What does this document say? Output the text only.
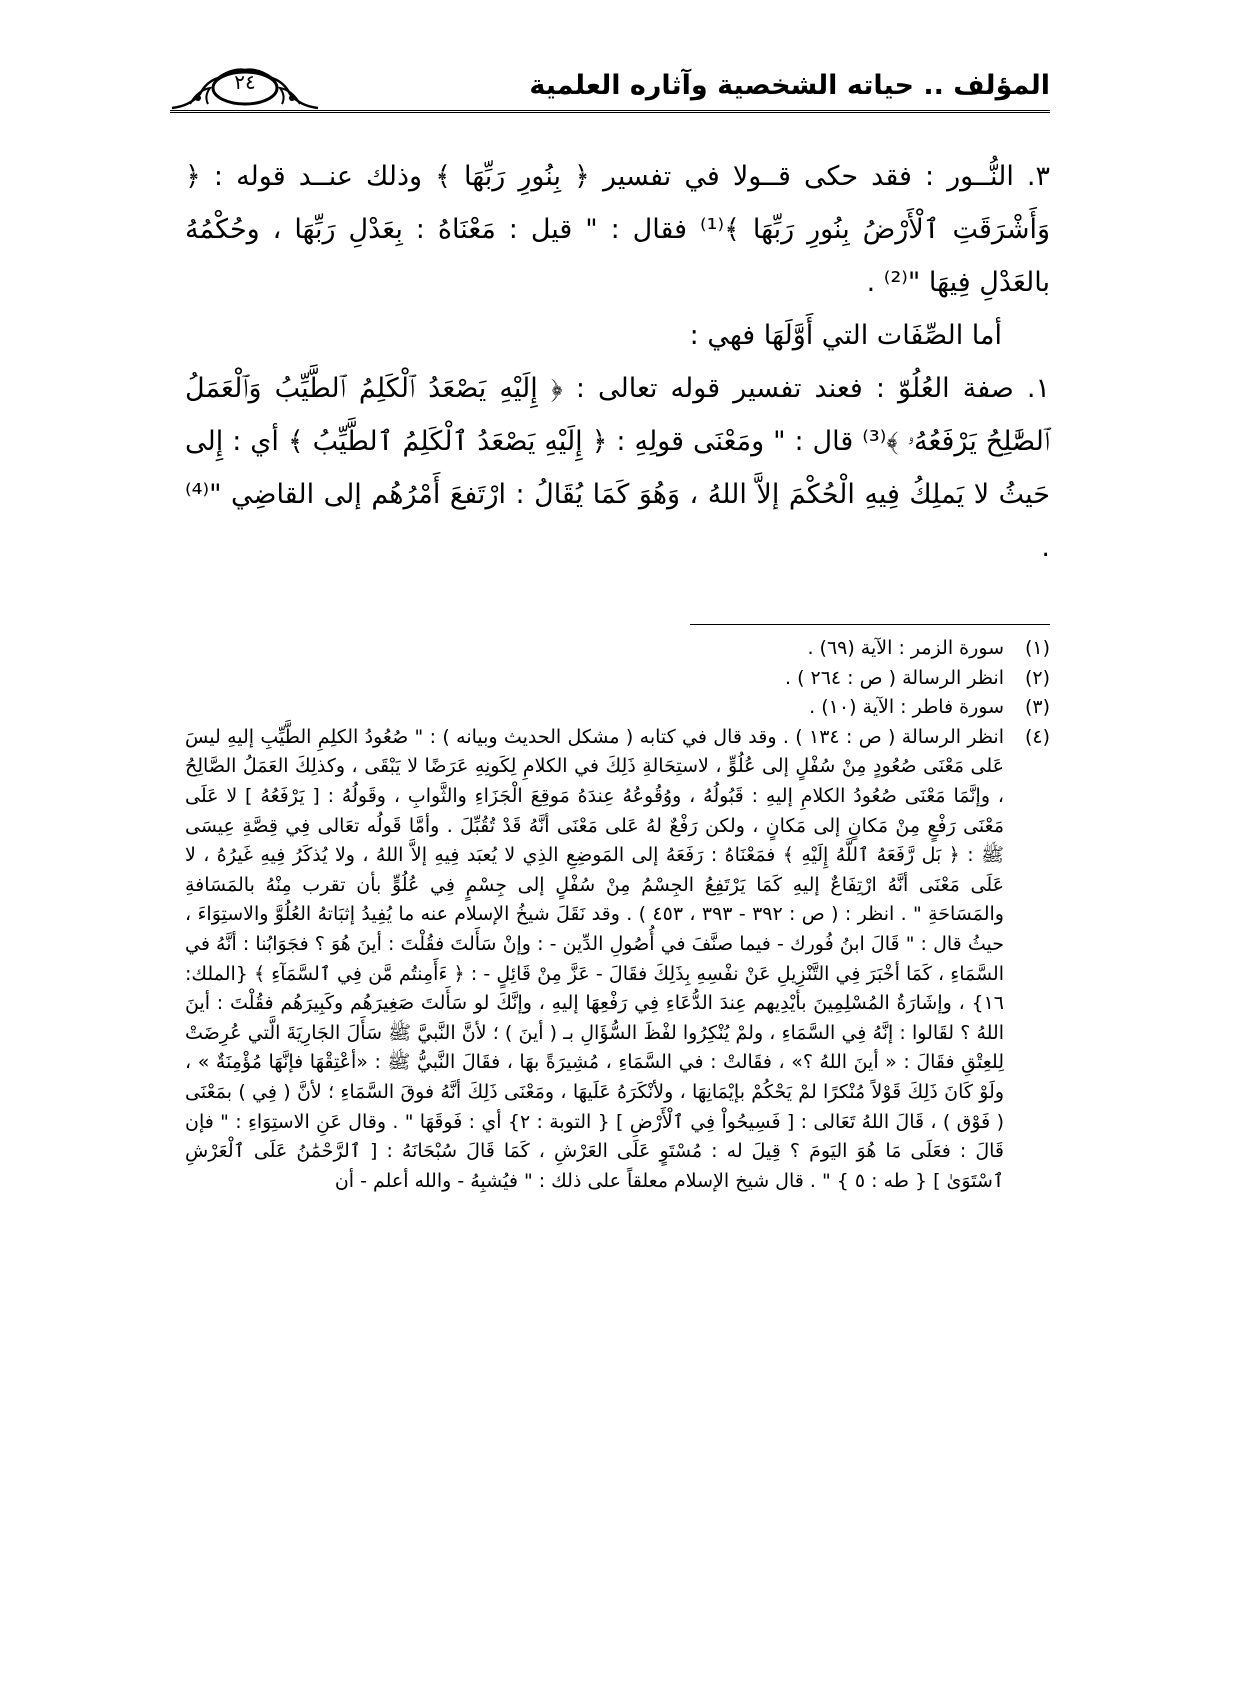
المؤلف .. حياته الشخصية وآثاره العلمية
٢٤

٣. النُّــور : فقد حكى قــولا في تفسير ﴿ بِنُورِ رَبِّهَا ﴾ وذلك عنــد قوله : ﴿ وَأَشْرَقَتِ ٱلْأَرْضُ بِنُورِ رَبِّهَا ﴾⁽¹⁾ فقال : " قيل : مَعْنَاهُ : بِعَدْلِ رَبِّهَا ، وحُكْمُهُ بالعَدْلِ فِيهَا "⁽²⁾ .

أما الصِّفَات التي أَوَّلَهَا فهي :

١. صفة العُلُوّ : فعند تفسير قوله تعالى : ﴿ إِلَيْهِ يَصْعَدُ ٱلْكَلِمُ ٱلطَّيِّبُ وَٱلْعَمَلُ ٱلصَّٰلِحُ يَرْفَعُهُۥ ﴾⁽³⁾ قال : " ومَعْنَى قولِهِ : ﴿ إِلَيْهِ يَصْعَدُ ٱلْكَلِمُ ٱلطَّيِّبُ ﴾ أي : إِلى حَيثُ لا يَملِكُ فِيهِ الْحُكْمَ إلاَّ اللهُ ، وَهُوَ كَمَا يُقَالُ : ارْتَفعَ أَمْرُهُم إلى القاضِي "⁽⁴⁾ .

(١)
سورة الزمر : الآية (٦٩) .
(٢)
انظر الرسالة ( ص : ٢٦٤ ) .
(٣)
سورة فاطر : الآية (١٠) .
(٤)
انظر الرسالة ( ص : ١٣٤ ) . وقد قال في كتابه ( مشكل الحديث وبيانه ) : " صُعُودُ الكلِمِ الطَّيِّبِ إليهِ ليسَ عَلى مَعْنَى صُعُودٍ مِنْ سُفْلٍ إلى عُلُوٍّ ، لاستِحَالةِ ذَلِكَ في الكلامِ لِكَونِهِ عَرَضًا لا يَبْقَى ، وكذلِكَ العَمَلُ الصَّالِحُ ، وإنَّمَا مَعْنَى صُعُودُ الكلامِ إليهِ : قَبُولُهُ ، ووُقُوعُهُ عِندَهُ مَوقِعَ الْجَزَاءِ والثَّوابِ ، وقَولُهُ : [ يَرْفَعُهُ ] لا عَلَى مَعْنَى رَفْعٍ مِنْ مَكانٍ إلى مَكانٍ ، ولكن رَفْعٌ لهُ عَلى مَعْنَى أنَّهُ قَدْ تُقُبِّلَ . وأمَّا قَولُه تعَالى فِي قِصَّةِ عِيسَى ﷺ : ﴿ بَل رَّفَعَهُ ٱللَّهُ إِلَيْهِ ﴾ فمَعْنَاهُ : رَفَعَهُ إلى المَوضِعِ الذِي لا يُعبَد فِيهِ إلاَّ اللهُ ، ولا يُذكَرُ فِيهِ غَيرُهُ ، لا عَلَى مَعْنَى أنَّهُ ارْتِفَاعٌ إليهِ كَمَا يَرْتَفِعُ الجِسْمُ مِنْ سُفْلٍ إلى جِسْمٍ فِي عُلُوٍّ بأن تقرب مِنْهُ بالمَسَافةِ والمَسَاحَةِ " . انظر : ( ص : ٣٩٢ - ٣٩٣ ، ٤٥٣ ) . وقد نَقَلَ شيخُ الإسلام عنه ما يُفِيدُ إثبَاتهُ العُلُوَّ والاستِوَاءَ ، حيثُ قال : " قَالَ ابنُ فُورك - فيما صنَّفَ في أُصُولِ الدِّين - : وإنْ سَأَلتَ فقُلْتَ : أينَ هُوَ ؟ فجَوَابُنا : أنَّهُ في السَّمَاءِ ، كَمَا أخْبَرَ فِي التَّنْزِيلِ عَنْ نفْسِهِ بِذَلِكَ فقَالَ - عَزَّ مِنْ قَائِلٍ - : ﴿ ءَأَمِنتُم مَّن فِي ٱلسَّمَآءِ ﴾ {الملك: ١٦} ، وإشَارَةُ المُسْلِمِينَ بأيْدِيهم عِندَ الدُّعَاءِ فِي رَفْعِهَا إليهِ ، وإنَّكَ لو سَأَلتَ صَغِيرَهُم وكَبِيرَهُم فقُلْتَ : أينَ اللهُ ؟ لقَالوا : إنَّهُ فِي السَّمَاءِ ، ولمْ يُنْكِرُوا لفْظَ السُّؤَالِ بـ ( أينَ ) ؛ لأنَّ النَّبيَّ ﷺ سَأَلَ الجَارِيَةَ الَّتي عُرِضَتْ لِلعِتْقِ فقَالَ : « أينَ اللهُ ؟» ، فقَالتْ : في السَّمَاءِ ، مُشِيرَةً بهَا ، فقَالَ النَّبيُّ ﷺ : «أعْتِقْهَا فإنَّهَا مُؤْمِنَةٌ » ، ولَوْ كَانَ ذَلِكَ قَوْلاً مُنْكرًا لمْ يَحْكُمْ بإيْمَانِهَا ، ولأنْكَرَهُ عَلَيهَا ، ومَعْنَى ذَلِكَ أنَّهُ فوقَ السَّمَاءِ ؛ لأنَّ ( فِي ) بمَعْنَى ( فَوْق ) ، قَالَ اللهُ تَعَالى : [ فَسِيحُواْ فِي ٱلْأَرْضِ ] { التوبة : ٢} أي : فَوقَهَا " . وقال عَنِ الاستِوَاءِ : " فإن قَالَ : فعَلَى مَا هُوَ اليَومَ ؟ قِيلَ له : مُسْتَوٍ عَلَى العَرْشِ ، كَمَا قَالَ سُبْحَانَهُ : [ ٱلرَّحْمَٰنُ عَلَى ٱلْعَرْشِ ٱسْتَوَىٰ ] { طه : ٥ } " . قال شيخ الإسلام معلقاً على ذلك : " فيُشبِهُ - والله أعلم - أن
